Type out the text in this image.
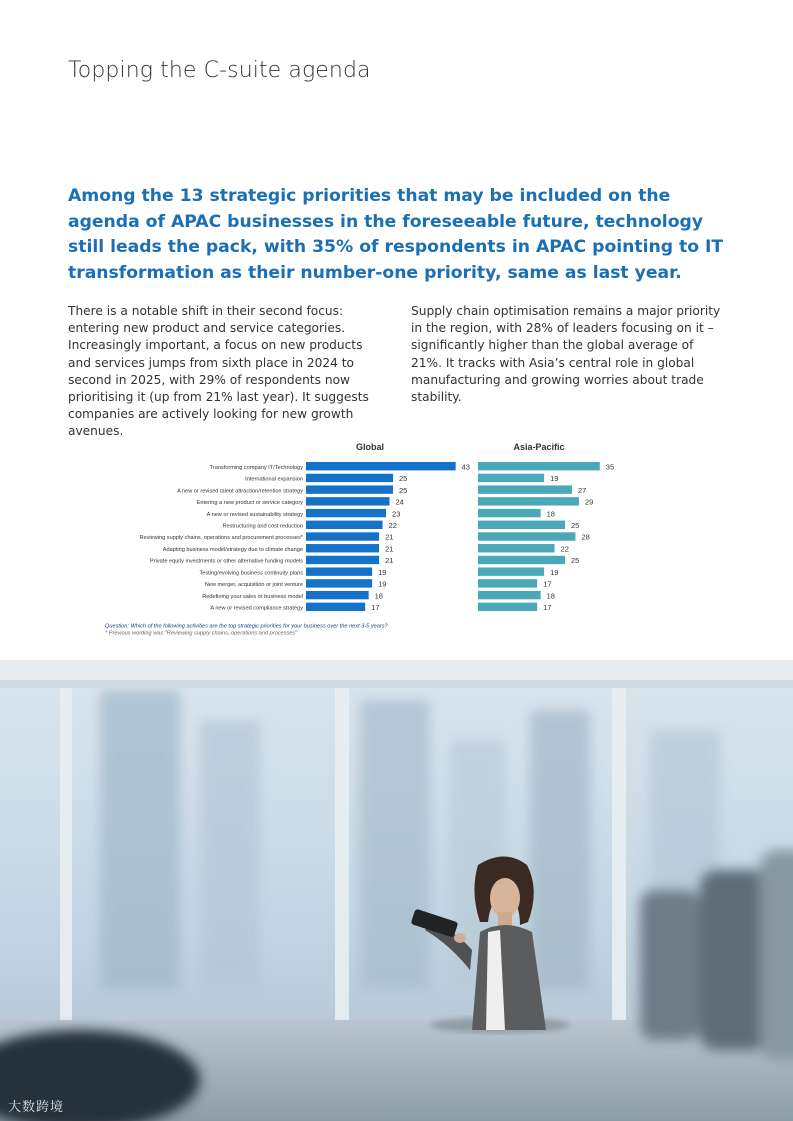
Topping the C-suite agenda
Among the 13 strategic priorities that may be included on the agenda of APAC businesses in the foreseeable future, technology still leads the pack, with 35% of respondents in APAC pointing to IT transformation as their number-one priority, same as last year.
There is a notable shift in their second focus: entering new product and service categories. Increasingly important, a focus on new products and services jumps from sixth place in 2024 to second in 2025, with 29% of respondents now prioritising it (up from 21% last year). It suggests companies are actively looking for new growth avenues.
Supply chain optimisation remains a major priority in the region, with 28% of leaders focusing on it – significantly higher than the global average of 21%. It tracks with Asia’s central role in global manufacturing and growing worries about trade stability.
Global
43
25
25
24
23
22
21
21
21
19
19
18
17
Asia-Pacific
35
19
27
29
18
25
28
22
25
19
17
18
17
Transforming company IT/Technology
International expansion
A new or revised talent attraction/retention strategy
Entering a new product or service category
A new or revised sustainability strategy
Restructuring and cost reduction
Reviewing supply chains, operations and procurement processes*
Adapting business model/strategy due to climate change
Private equity investments or other alternative funding models
Testing/evolving business continuity plans
New merger, acquisition or joint venture
Redefining your sales or business model
A new or revised compliance strategy
Question: Which of the following activities are the top strategic priorities for your business over the next 3-5 years?
* Previous wording was "Reviewing supply chains, operations and processes"
大数跨境
